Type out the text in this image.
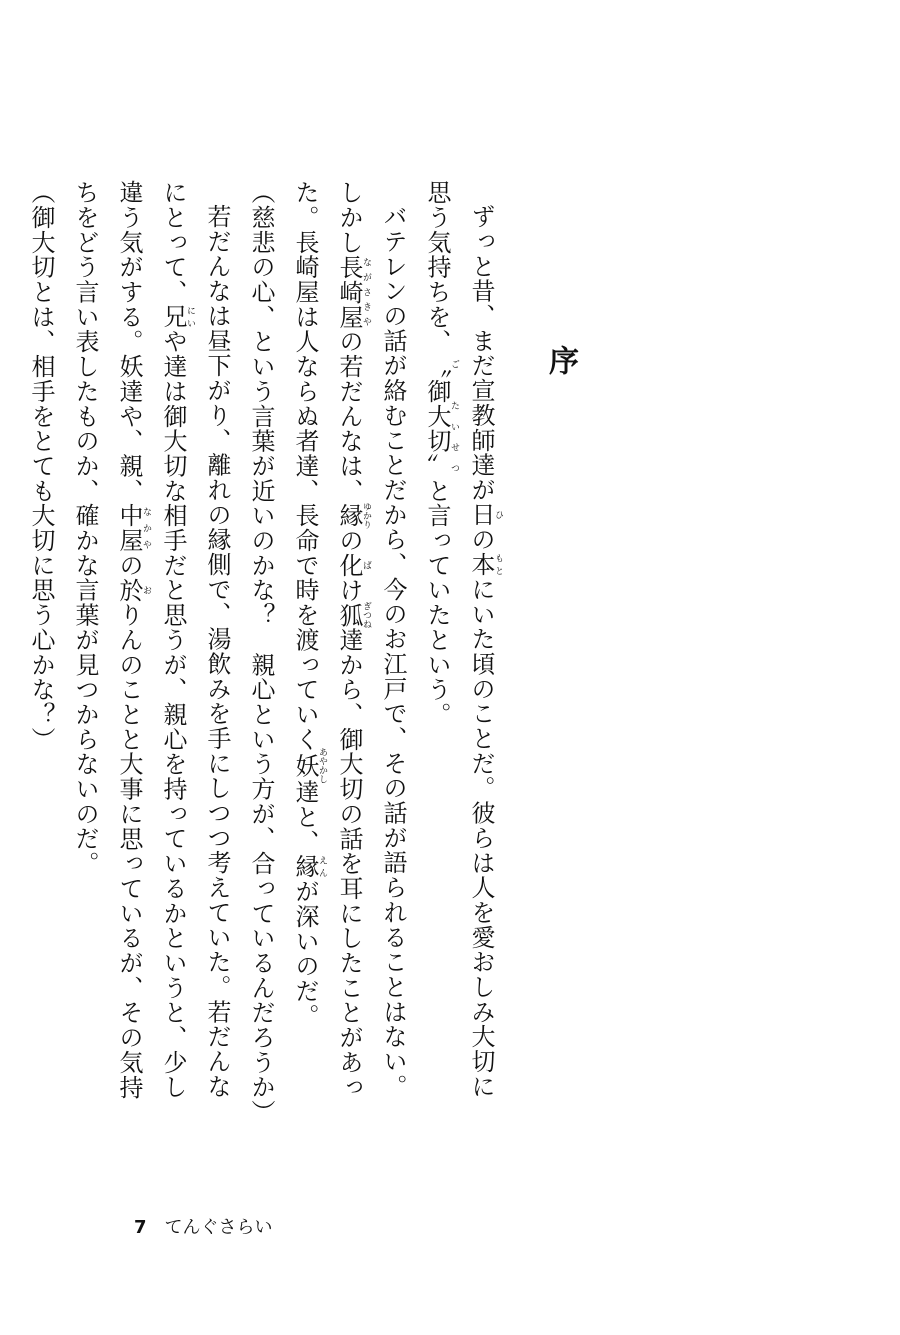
序

ずっと昔、まだ宣教師達が日ひの本もとにいた頃のことだ。彼らは人を愛おしみ大切に思う気持ちを、〝御大切〟ご　たいせつと言っていたという。

バテレンの話が絡むことだから、今のお江戸で、その話が語られることはない。しかし長崎屋ながさきやの若だんなは、縁ゆかりの化ばけ狐ぎつね達から、御大切の話を耳にしたことがあった。長崎屋は人ならぬ者達、長命で時を渡っていく妖あやかし達と、縁えんが深いのだ。

（慈悲の心、という言葉が近いのかな？　親心という方が、合っているんだろうか）

若だんなは昼下がり、離れの縁側で、湯飲みを手にしつつ考えていた。若だんなにとって、兄にいや達は御大切な相手だと思うが、親心を持っているかというと、少し違う気がする。妖達や、親、中屋なかやの於おりんのことと大事に思っているが、その気持ちをどう言い表したものか、確かな言葉が見つからないのだ。

（御大切とは、相手をとても大切に思う心かな？）

7 てんぐさらい
